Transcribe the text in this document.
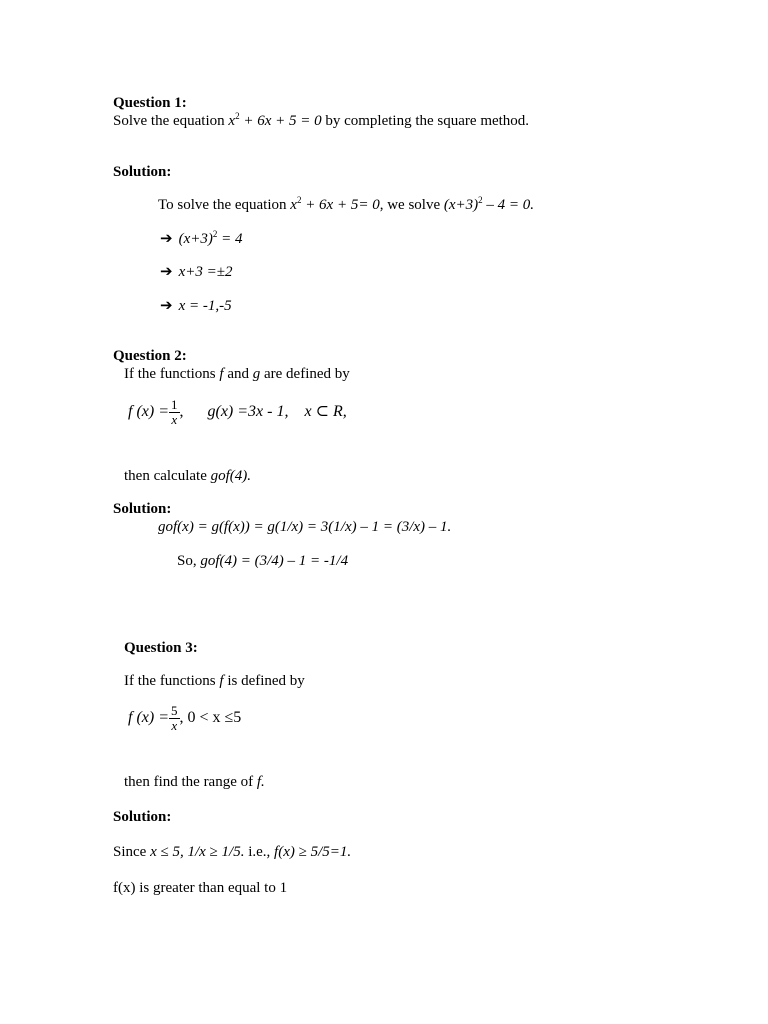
Question 1:
Solve the equation $x^2 + 6x + 5 = 0$ by completing the square method.
Solution:
To solve the equation $x^2 + 6x + 5= 0$, we solve $(x+3)^2 - 4 = 0$.
➔ $(x+3)^2 = 4$
➔ x+3 =±2
➔ x = -1,-5
Question 2:
If the functions f and g are defined by
f $(x) = \frac{1}{x}$ , g(x) =3x - 1, x ⊂ R,
then calculate gof(4).
Solution:
gof(x) = g(f(x)) = g(1/x) = 3(1/x) – 1 = (3/x) – 1.
So, gof(4) = (3/4) – 1 = -1/4
Question 3:
If the functions f is defined by
f $(x) = \frac{5}{x}$ , 0 < x ≤5
then find the range of f.
Solution:
Since x ≤ 5, 1/x ≥ 1/5. i.e., f(x) ≥ 5/5=1.
f(x) is greater than equal to 1
